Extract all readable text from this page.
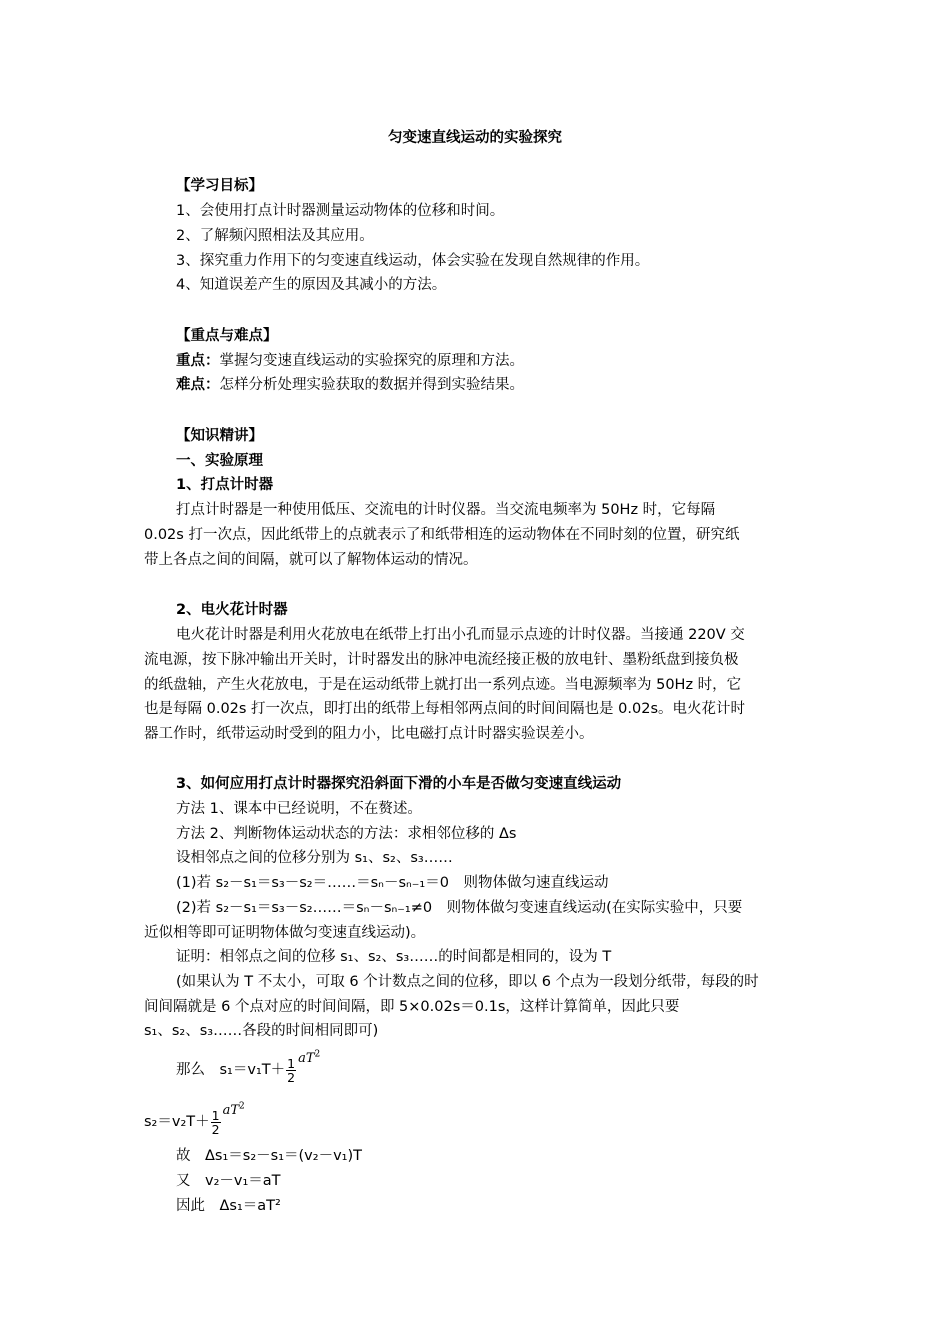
匀变速直线运动的实验探究
【学习目标】
1、会使用打点计时器测量运动物体的位移和时间。
2、了解频闪照相法及其应用。
3、探究重力作用下的匀变速直线运动，体会实验在发现自然规律的作用。
4、知道误差产生的原因及其减小的方法。
【重点与难点】
重点：掌握匀变速直线运动的实验探究的原理和方法。
难点：怎样分析处理实验获取的数据并得到实验结果。
【知识精讲】
一、实验原理
1、打点计时器
打点计时器是一种使用低压、交流电的计时仪器。当交流电频率为 50Hz 时，它每隔
0.02s 打一次点，因此纸带上的点就表示了和纸带相连的运动物体在不同时刻的位置，研究纸
带上各点之间的间隔，就可以了解物体运动的情况。
2、电火花计时器
电火花计时器是利用火花放电在纸带上打出小孔而显示点迹的计时仪器。当接通 220V 交
流电源，按下脉冲输出开关时，计时器发出的脉冲电流经接正极的放电针、墨粉纸盘到接负极
的纸盘轴，产生火花放电，于是在运动纸带上就打出一系列点迹。当电源频率为 50Hz 时，它
也是每隔 0.02s 打一次点，即打出的纸带上每相邻两点间的时间间隔也是 0.02s。电火花计时
器工作时，纸带运动时受到的阻力小，比电磁打点计时器实验误差小。
3、如何应用打点计时器探究沿斜面下滑的小车是否做匀变速直线运动
方法 1、课本中已经说明，不在赘述。
方法 2、判断物体运动状态的方法：求相邻位移的 Δs
设相邻点之间的位移分别为 s₁、s₂、s₃……
(1)若 s₂－s₁＝s₃－s₂＝……＝sₙ－sₙ₋₁＝0　则物体做匀速直线运动
(2)若 s₂－s₁＝s₃－s₂……＝sₙ－sₙ₋₁≠0　则物体做匀变速直线运动(在实际实验中，只要
近似相等即可证明物体做匀变速直线运动)。
证明：相邻点之间的位移 s₁、s₂、s₃……的时间都是相同的，设为 T
(如果认为 T 不太小，可取 6 个计数点之间的位移，即以 6 个点为一段划分纸带，每段的时
间间隔就是 6 个点对应的时间间隔，即 5×0.02s＝0.1s，这样计算简单，因此只要
s₁、s₂、s₃……各段的时间相同即可)
那么　$s_1=v_1T+ \frac{1}{2} aT^2$
$s_2=v_2T+ \frac{1}{2} aT^2$
故　Δs₁＝s₂－s₁＝(v₂－v₁)T
又　v₂－v₁＝aT
因此　Δs₁＝aT²
